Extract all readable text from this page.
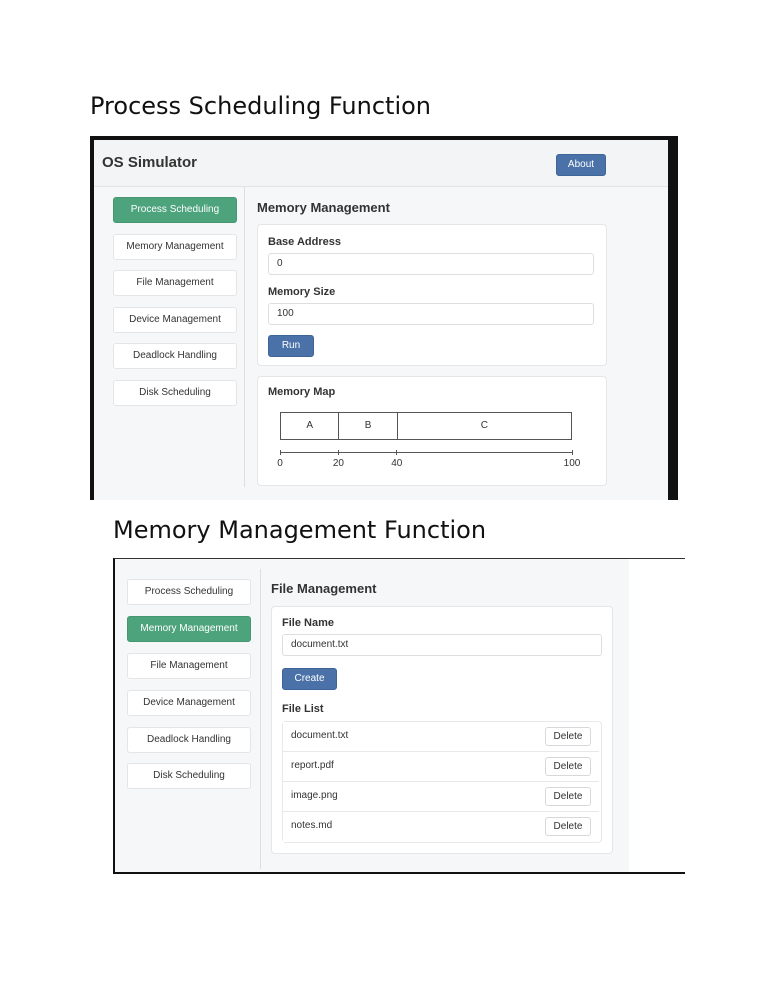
Process Scheduling Function
OS Simulator	About
Process Scheduling
Memory Management
File Management
Device Management
Deadlock Handling
Disk Scheduling
Memory Management
Base Address
0
Memory Size
100
Run
Memory Map
A	B	C
0	20	40	100
Memory Management Function
Process Scheduling
Memory Management
File Management
Device Management
Deadlock Handling
Disk Scheduling
File Management
File Name
document.txt
Create
File List
document.txt	Delete
report.pdf	Delete
image.png	Delete
notes.md	Delete
